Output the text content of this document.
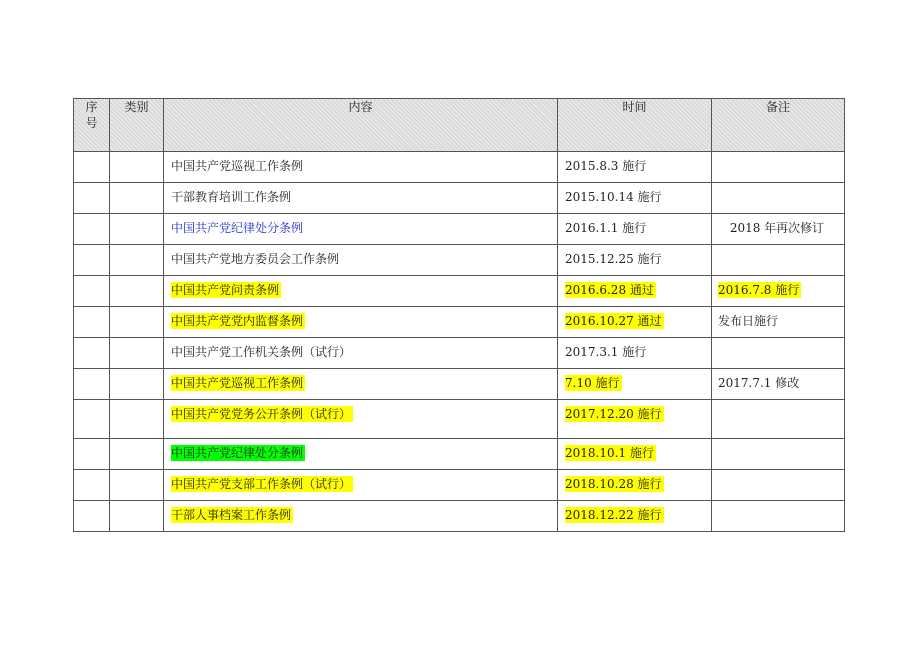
序
号	类别	内容	时间	备注
		中国共产党巡视工作条例	2015.8.3 施行	
		干部教育培训工作条例	2015.10.14 施行	
		中国共产党纪律处分条例	2016.1.1 施行	2018 年再次修订
		中国共产党地方委员会工作条例	2015.12.25 施行	
		中国共产党问责条例	2016.6.28 通过	2016.7.8 施行
		中国共产党党内监督条例	2016.10.27 通过	发布日施行
		中国共产党工作机关条例（试行）	2017.3.1 施行	
		中国共产党巡视工作条例	7.10 施行	2017.7.1 修改
		中国共产党党务公开条例（试行）	2017.12.20 施行	
		中国共产党纪律处分条例	2018.10.1 施行	
		中国共产党支部工作条例（试行）	2018.10.28 施行	
		干部人事档案工作条例	2018.12.22 施行	
